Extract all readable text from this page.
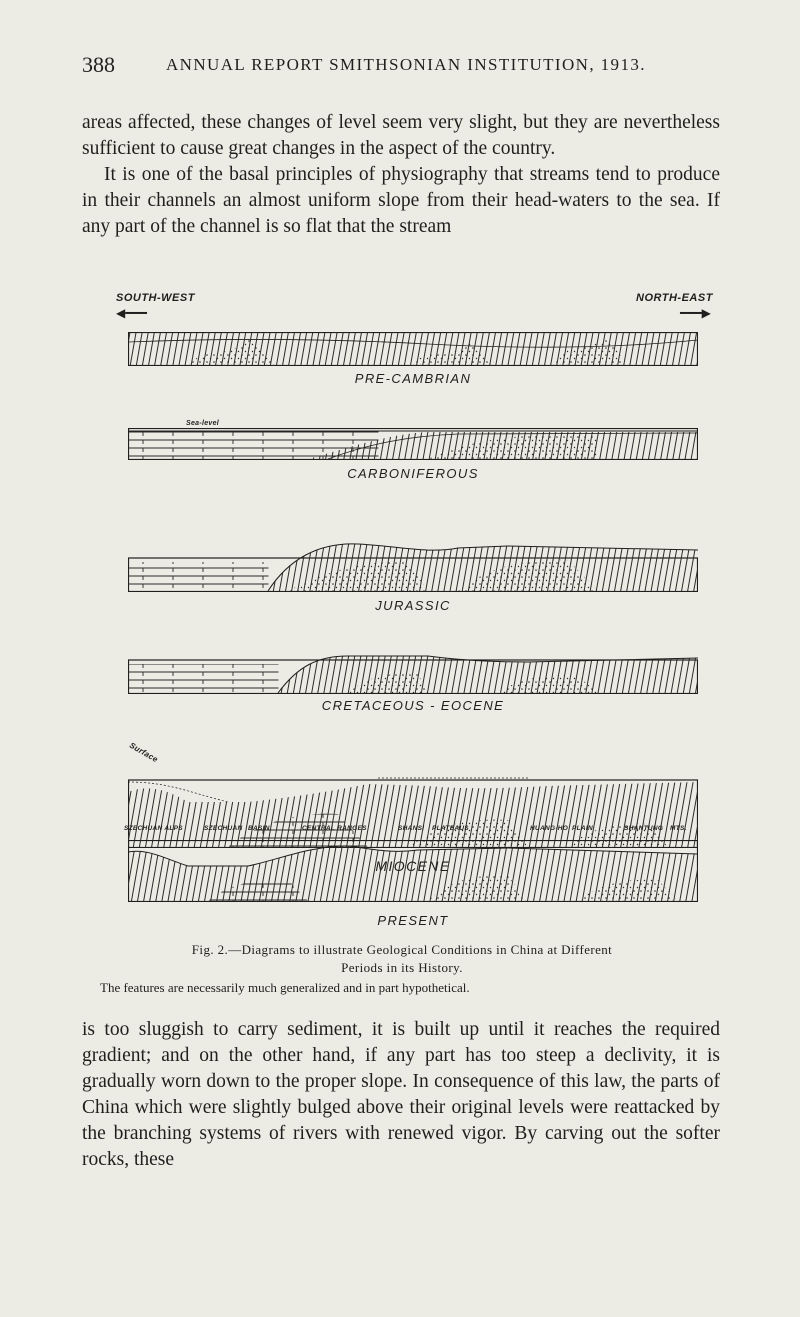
388	ANNUAL REPORT SMITHSONIAN INSTITUTION, 1913.

areas affected, these changes of level seem very slight, but they are nevertheless sufficient to cause great changes in the aspect of the country.
It is one of the basal principles of physiography that streams tend to produce in their channels an almost uniform slope from their head-waters to the sea. If any part of the channel is so flat that the stream

SOUTH-WEST
◀━━━
NORTH-EAST
━━━▶
PRE-CAMBRIAN
Sea-level
CARBONIFEROUS
JURASSIC
CRETACEOUS - EOCENE
Surface
SZECHUAN ALPS	SZECHUAN BASIN	CENTRAL RANGES	SHANSI PLATEAUS	HUANG-HO PLAIN	SHANTUNG MTS.
PRESENT
Fig. 2.—Diagrams to illustrate Geological Conditions in China at Different
Periods in its History.
The features are necessarily much generalized and in part hypothetical.

is too sluggish to carry sediment, it is built up until it reaches the required gradient; and on the other hand, if any part has too steep a declivity, it is gradually worn down to the proper slope. In consequence of this law, the parts of China which were slightly bulged above their original levels were reattacked by the branching systems of rivers with renewed vigor. By carving out the softer rocks, these
